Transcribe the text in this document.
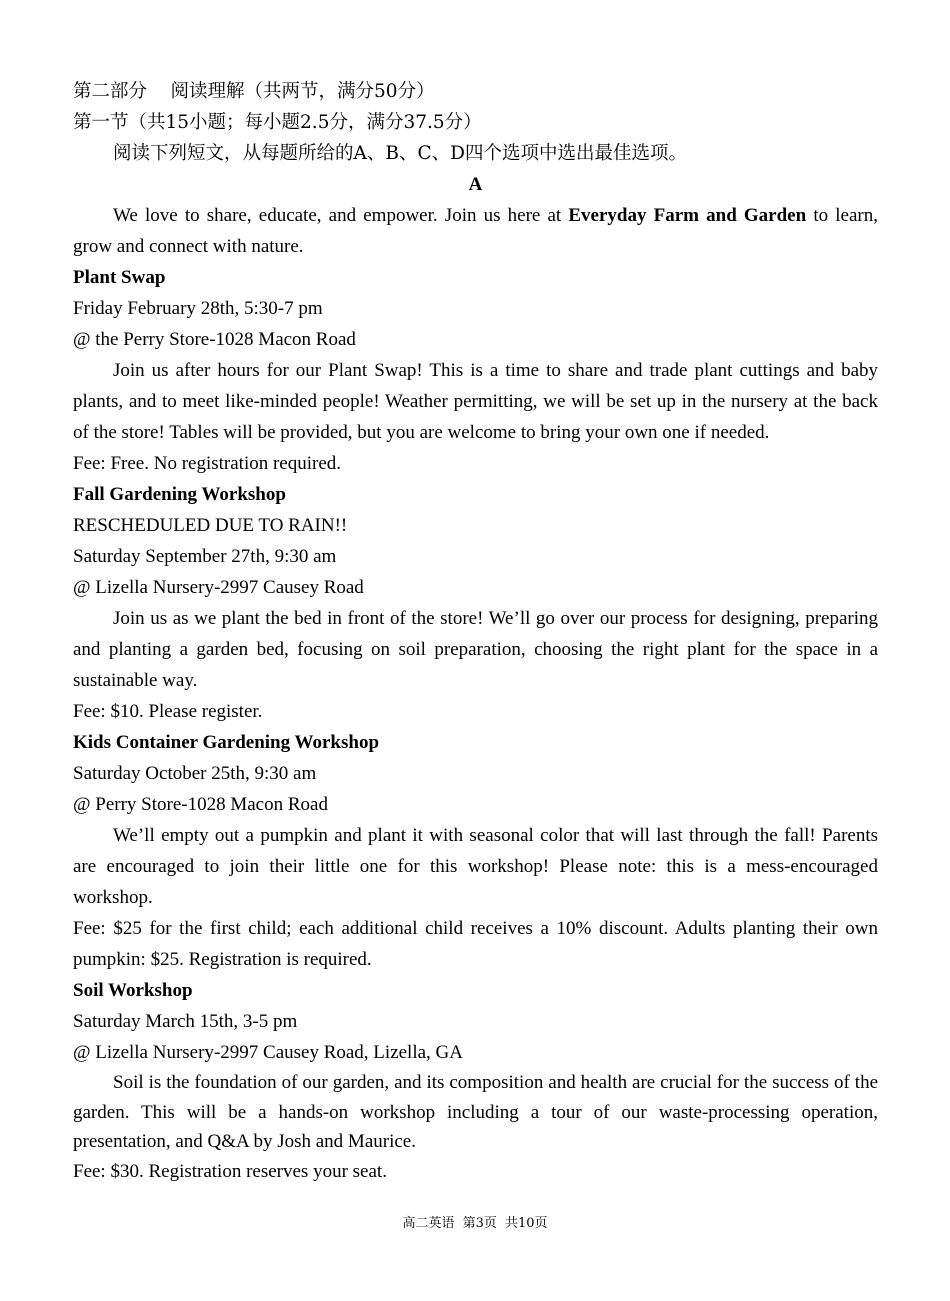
第二部分    阅读理解（共两节，满分50分）
第一节（共15小题；每小题2.5分，满分37.5分）
阅读下列短文，从每题所给的A、B、C、D四个选项中选出最佳选项。
A
We love to share, educate, and empower. Join us here at Everyday Farm and Garden to learn, grow and connect with nature.
Plant Swap
Friday February 28th, 5:30-7 pm
@ the Perry Store-1028 Macon Road
Join us after hours for our Plant Swap! This is a time to share and trade plant cuttings and baby plants, and to meet like-minded people! Weather permitting, we will be set up in the nursery at the back of the store! Tables will be provided, but you are welcome to bring your own one if needed.
Fee: Free. No registration required.
Fall Gardening Workshop
RESCHEDULED DUE TO RAIN!!
Saturday September 27th, 9:30 am
@ Lizella Nursery-2997 Causey Road
Join us as we plant the bed in front of the store! We’ll go over our process for designing, preparing and planting a garden bed, focusing on soil preparation, choosing the right plant for the space in a sustainable way.
Fee: $10. Please register.
Kids Container Gardening Workshop
Saturday October 25th, 9:30 am
@ Perry Store-1028 Macon Road
We’ll empty out a pumpkin and plant it with seasonal color that will last through the fall! Parents are encouraged to join their little one for this workshop! Please note: this is a mess-encouraged workshop.
Fee: $25 for the first child; each additional child receives a 10% discount. Adults planting their own pumpkin: $25. Registration is required.
Soil Workshop
Saturday March 15th, 3-5 pm
@ Lizella Nursery-2997 Causey Road, Lizella, GA
Soil is the foundation of our garden, and its composition and health are crucial for the success of the garden. This will be a hands-on workshop including a tour of our waste-processing operation, presentation, and Q&A by Josh and Maurice.
Fee: $30. Registration reserves your seat.
高二英语 第3页 共10页
